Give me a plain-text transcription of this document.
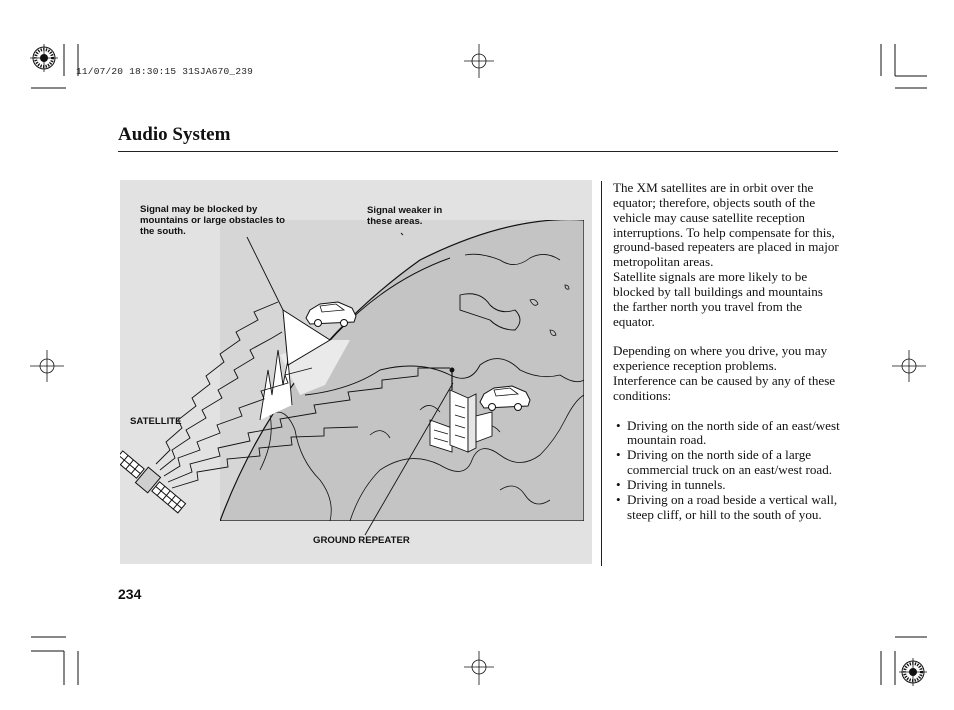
11/07/20 18:30:15 31SJA670_239
Audio System
Signal may be blocked by
mountains or large obstacles to
the south.
Signal weaker in
these areas.
SATELLITE
GROUND REPEATER

The XM satellites are in orbit over the equator; therefore, objects south of the vehicle may cause satellite reception interruptions. To help compensate for this, ground-based repeaters are placed in major metropolitan areas.

Satellite signals are more likely to be blocked by tall buildings and mountains the farther north you travel from the equator.

Depending on where you drive, you may experience reception problems. Interference can be caused by any of these conditions:

• Driving on the north side of an east/west mountain road.
• Driving on the north side of a large commercial truck on an east/west road.
• Driving in tunnels.
• Driving on a road beside a vertical wall, steep cliff, or hill to the south of you.
234
